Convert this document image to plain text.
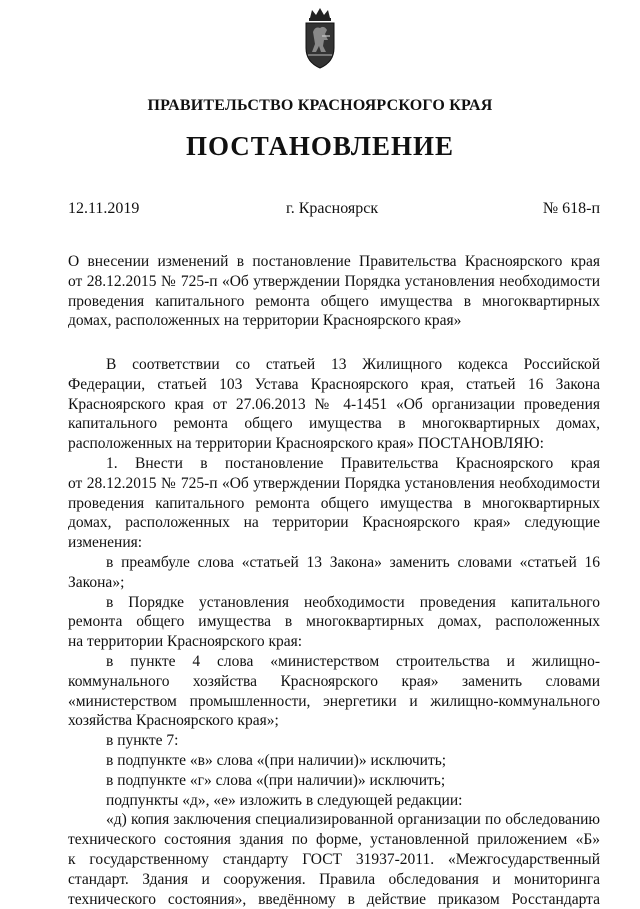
ПРАВИТЕЛЬСТВО КРАСНОЯРСКОГО КРАЯ
ПОСТАНОВЛЕНИЕ
12.11.2019	г. Красноярск	№ 618-п
О внесении изменений в постановление Правительства Красноярского края
от 28.12.2015 № 725-п «Об утверждении Порядка установления необходимости
проведения капитального ремонта общего имущества в многоквартирных
домах, расположенных на территории Красноярского края»
В соответствии со статьей 13 Жилищного кодекса Российской
Федерации, статьей 103 Устава Красноярского края, статьей 16 Закона
Красноярского края от 27.06.2013 № 4-1451 «Об организации проведения
капитального ремонта общего имущества в многоквартирных домах,
расположенных на территории Красноярского края» ПОСТАНОВЛЯЮ:
1. Внести в постановление Правительства Красноярского края
от 28.12.2015 № 725-п «Об утверждении Порядка установления необходимости
проведения капитального ремонта общего имущества в многоквартирных
домах, расположенных на территории Красноярского края» следующие
изменения:
в преамбуле слова «статьей 13 Закона» заменить словами «статьей 16
Закона»;
в Порядке установления необходимости проведения капитального
ремонта общего имущества в многоквартирных домах, расположенных
на территории Красноярского края:
в пункте 4 слова «министерством строительства и жилищно-
коммунального хозяйства Красноярского края» заменить словами
«министерством промышленности, энергетики и жилищно-коммунального
хозяйства Красноярского края»;
в пункте 7:
в подпункте «в» слова «(при наличии)» исключить;
в подпункте «г» слова «(при наличии)» исключить;
подпункты «д», «е» изложить в следующей редакции:
«д) копия заключения специализированной организации по обследованию
технического состояния здания по форме, установленной приложением «Б»
к государственному стандарту ГОСТ 31937-2011. «Межгосударственный
стандарт. Здания и сооружения. Правила обследования и мониторинга
технического состояния», введённому в действие приказом Росстандарта
